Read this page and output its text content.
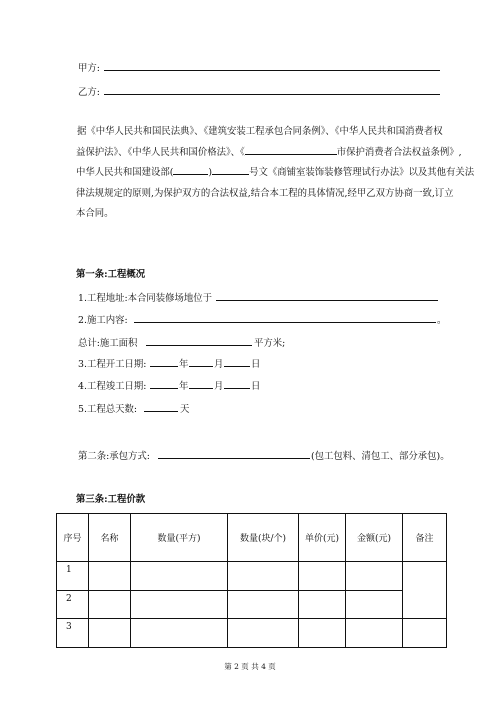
甲方:
乙方:
据《中华人民共和国民法典》、《建筑安装工程承包合同条例》、《中华人民共和国消费者权
益保护法》、《中华人民共和国价格法》、《	市保护消费者合法权益条例》,
中华人民共和国建设部(	)	号文《商铺室装饰装修管理试行办法》以及其他有关法
律法规规定的原则,为保护双方的合法权益,结合本工程的具体情况,经甲乙双方协商一致,订立
本合同。
第一条:工程概况
1.工程地址:本合同装修场地位于
2.施工内容:	。
总计:施工面积	平方米;
3.工程开工日期:	年	月	日
4.工程竣工日期:	年	月	日
5.工程总天数:	天
第二条:承包方式:	(包工包料、清包工、部分承包)。
第三条:工程价款
序号	名称	数量(平方)	数量(块/个)	单价(元)	金额(元)	备注
1						
2						
3						
第 2 页 共 4 页
